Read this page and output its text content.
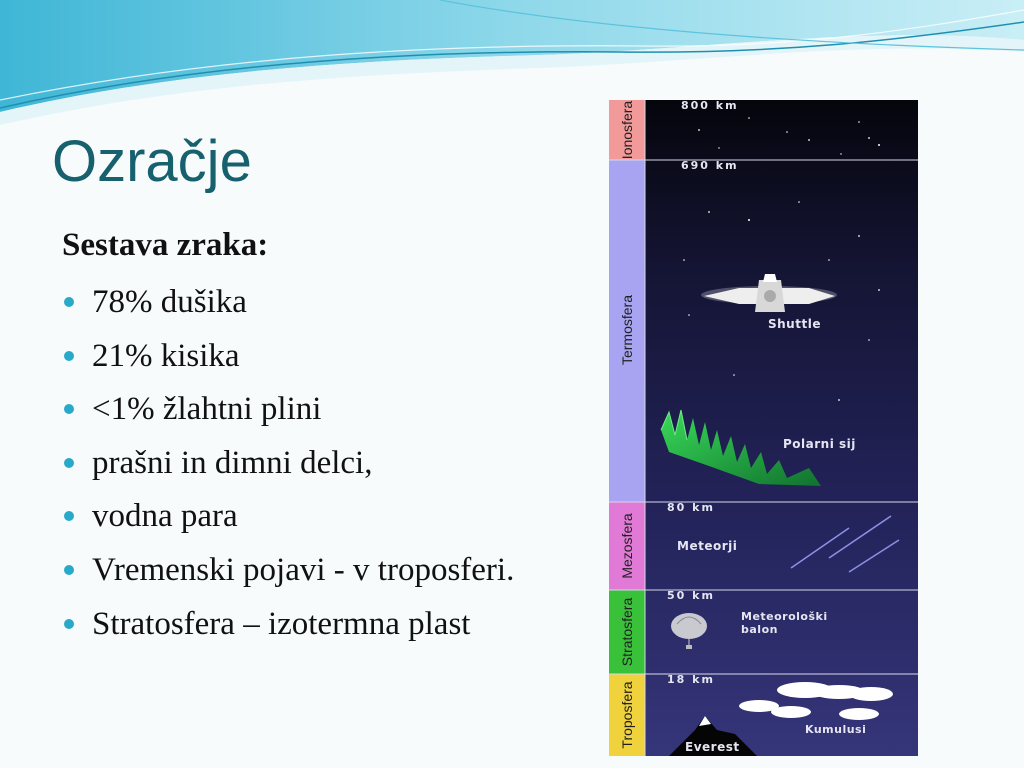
Ozračje

Sestava zraka:

78% dušika
21% kisika
<1% žlahtni plini
prašni in dimni delci,
vodna para
Vremenski pojavi - v troposferi.
Stratosfera – izotermna plast
Ionosfera
Termosfera
Mezosfera
Stratosfera
Troposfera
800 km
690 km
80 km
50 km
18 km
Shuttle
Polarni sij
Meteorji
Meteorološki
balon
Kumulusi
Everest
